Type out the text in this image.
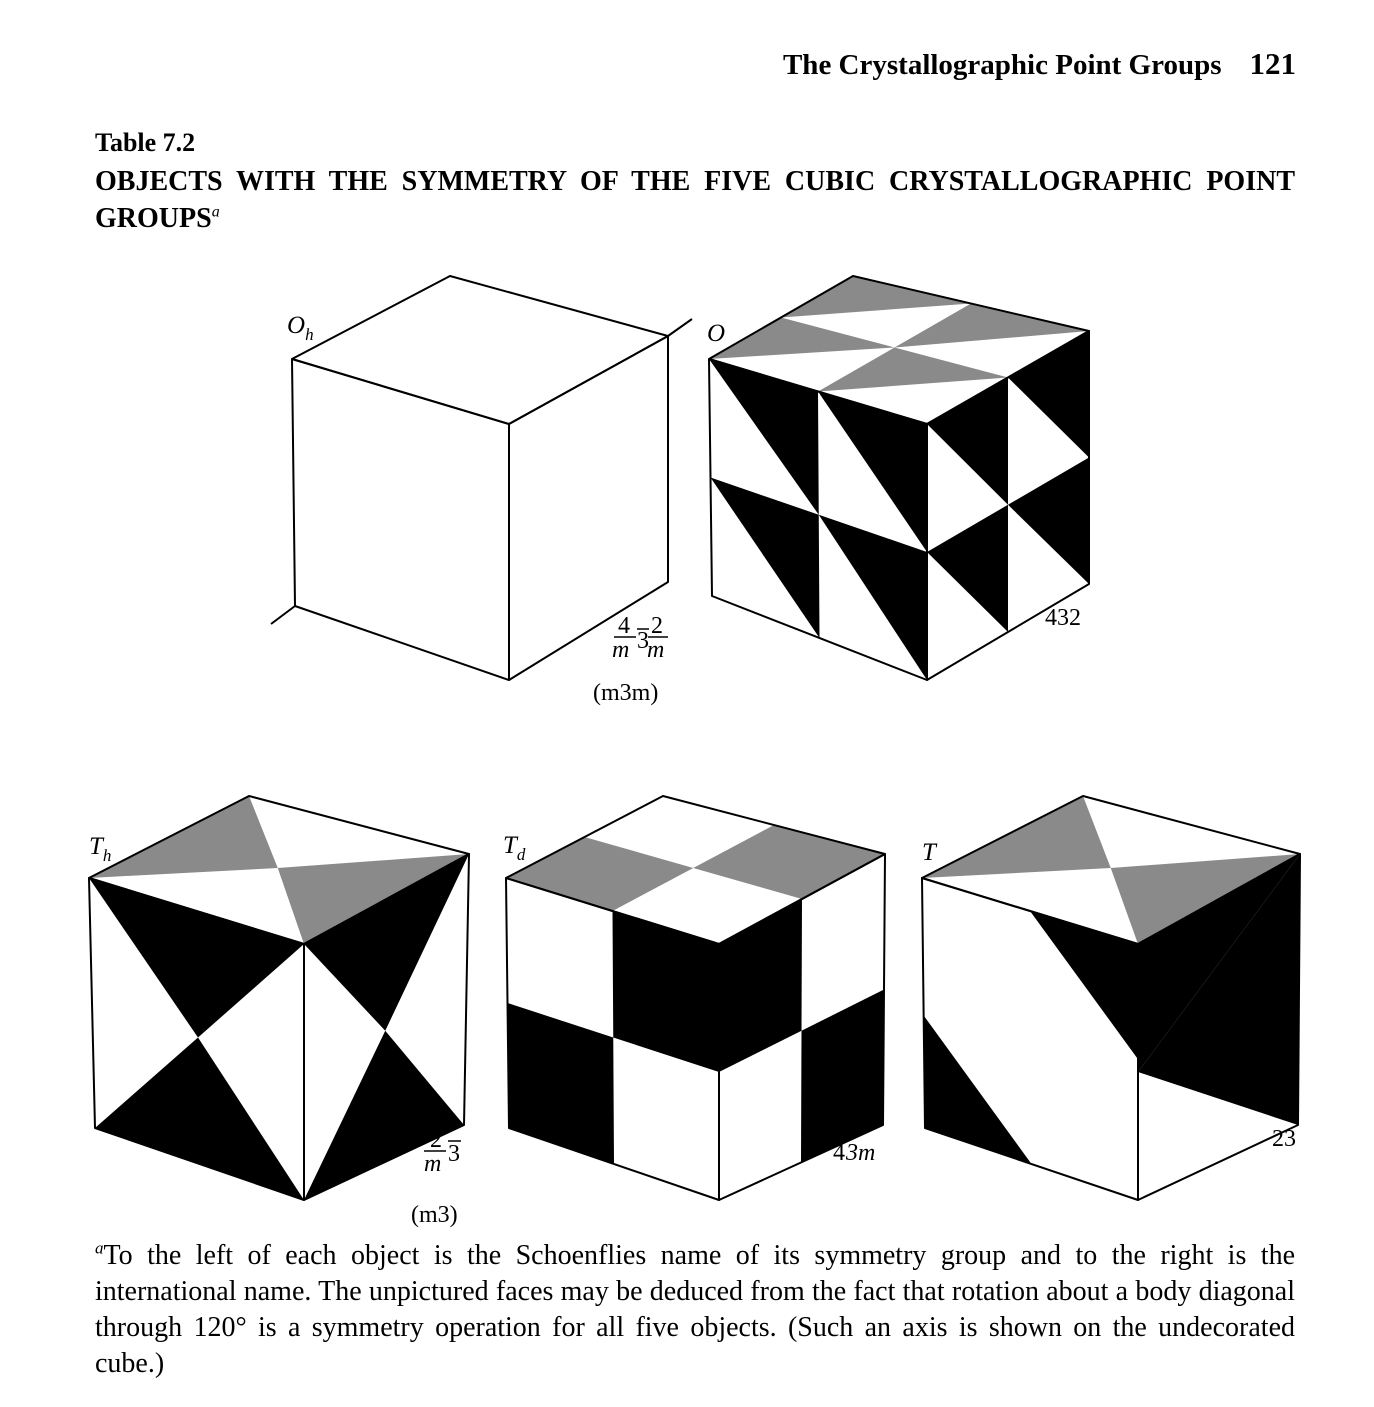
The Crystallographic Point Groups 121
Table 7.2
OBJECTS WITH THE SYMMETRY OF THE FIVE CUBIC CRYSTALLOGRAPHIC POINT GROUPS$^a$
$O_h$
4
m 3
2
m
(m3m)
O
432
$T_h$
2
m 3
(m3)
$T_d$
4 3m
T
23
$^a$To the left of each object is the Schoenflies name of its symmetry group and to the right is the international name. The unpictured faces may be deduced from the fact that rotation about a body diagonal through 120° is a symmetry operation for all five objects. (Such an axis is shown on the undecorated cube.)
